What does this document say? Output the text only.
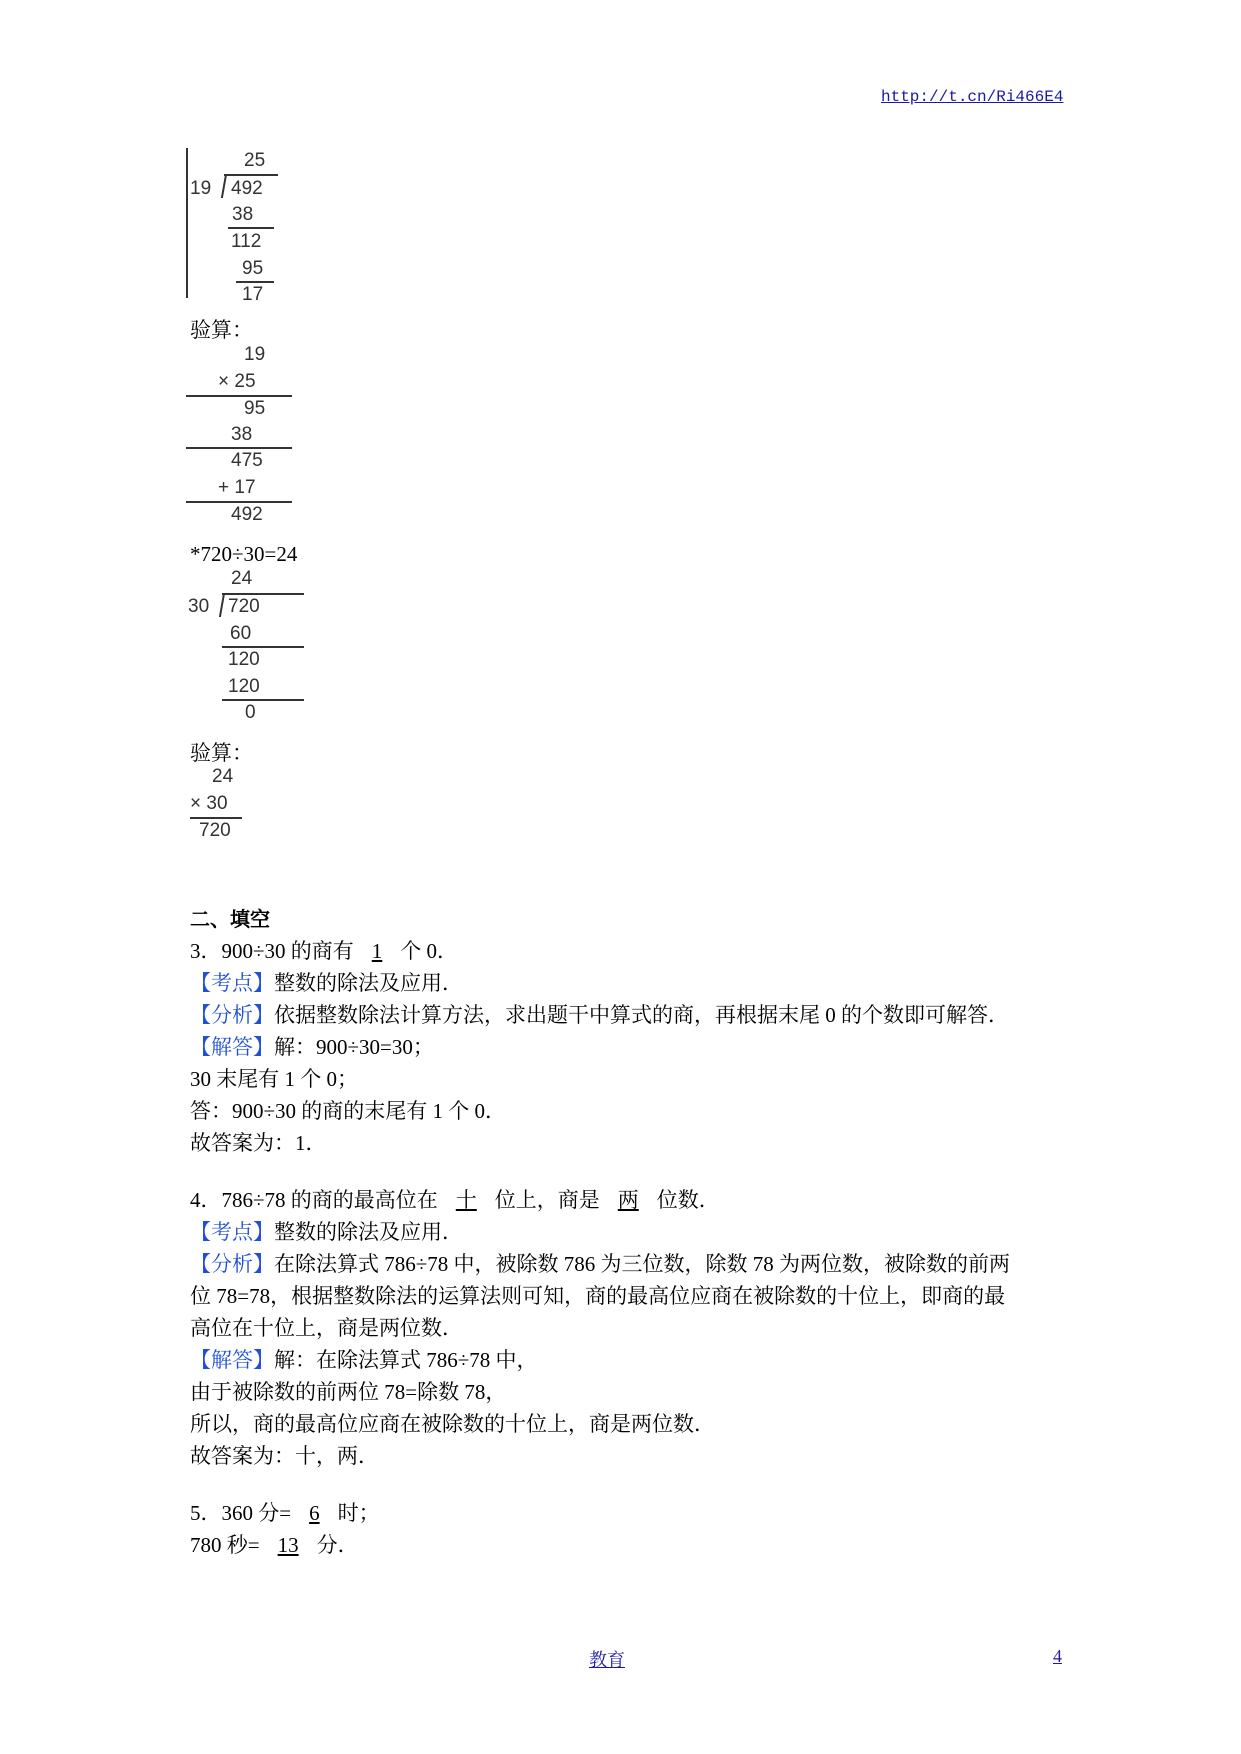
http://t.cn/Ri466E4
25
19 492
38
112
95
17
验算：
19
× 25
95
38
475
+ 17
492
*720÷30=24
24
30 720
60
120
120
0
验算：
24
× 30
720
二、填空
3．900÷30 的商有 1 个 0．
【考点】整数的除法及应用．
【分析】依据整数除法计算方法，求出题干中算式的商，再根据末尾 0 的个数即可解答．
【解答】解：900÷30=30；
30 末尾有 1 个 0；
答：900÷30 的商的末尾有 1 个 0．
故答案为：1．
4．786÷78 的商的最高位在 十 位上，商是 两 位数．
【考点】整数的除法及应用．
【分析】在除法算式 786÷78 中，被除数 786 为三位数，除数 78 为两位数，被除数的前两
位 78=78，根据整数除法的运算法则可知，商的最高位应商在被除数的十位上，即商的最
高位在十位上，商是两位数．
【解答】解：在除法算式 786÷78 中，
由于被除数的前两位 78=除数 78，
所以，商的最高位应商在被除数的十位上，商是两位数．
故答案为：十，两．
5．360 分= 6 时；
780 秒= 13 分．
教育	4
